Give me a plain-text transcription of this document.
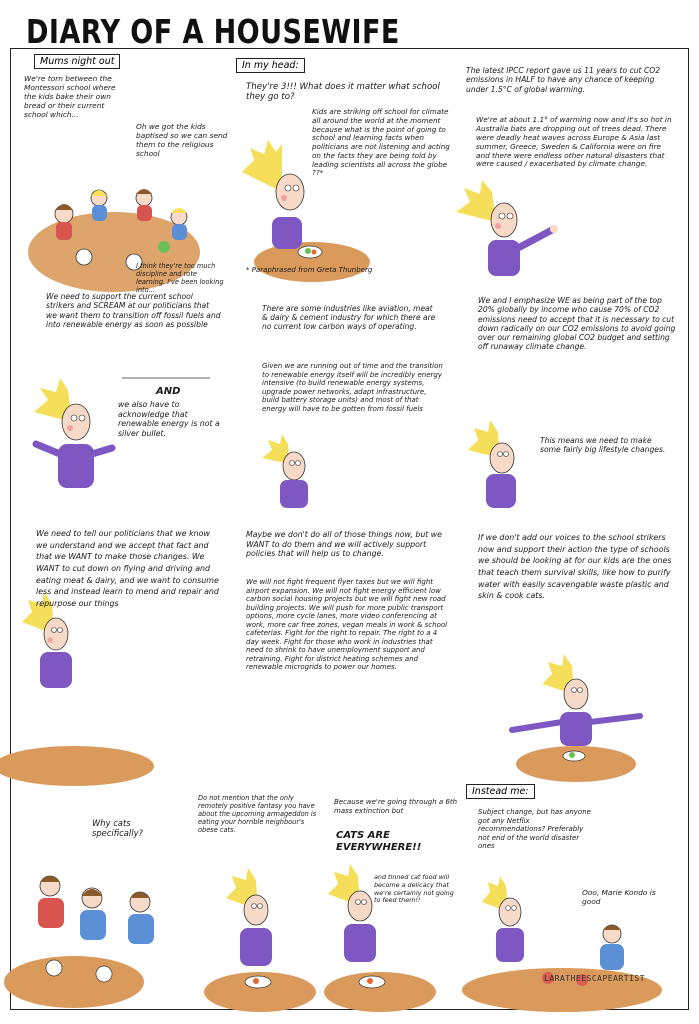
DIARY OF A HOUSEWIFE
Mums night out
We're torn between the Montessori school where the kids bake their own bread or their current school which...
Oh we got the kids baptised so we can send them to the religious school
I think they're too much discipline and rote learning. I've been looking into...
In my head:
They're 3!!! What does it matter what school they go to?
Kids are striking off school for climate all around the world at the moment because what is the point of going to school and learning facts when politicians are not listening and acting on the facts they are being told by leading scientists all across the globe ??*
* Paraphrased from Greta Thunberg
The latest IPCC report gave us 11 years to cut CO2 emissions in HALF to have any chance of keeping under 1.5°C of global warming.
We're at about 1.1° of warming now and it's so hot in Australia bats are dropping out of trees dead. There were deadly heat waves across Europe & Asia last summer, Greece, Sweden & California were on fire and there were endless other natural disasters that were caused / exacerbated by climate change.
We need to support the current school strikers and SCREAM at our politicians that we want them to transition off fossil fuels and into renewable energy as soon as possible
AND
we also have to acknowledge that renewable energy is not a silver bullet.
There are some industries like aviation, meat & dairy & cement industry for which there are no current low carbon ways of operating.
Given we are running out of time and the transition to renewable energy itself will be incredibly energy intensive (to build renewable energy systems, upgrade power networks, adapt infrastructure, build battery storage units) and most of that energy will have to be gotten from fossil fuels
We and I emphasize WE as being part of the top 20% globally by income who cause 70% of CO2 emissions need to accept that it is necessary to cut down radically on our CO2 emissions to avoid going over our remaining global CO2 budget and setting off runaway climate change.
This means we need to make some fairly big lifestyle changes.
We need to tell our politicians that we know we understand and we accept that fact and that we WANT to make those changes. We WANT to cut down on flying and driving and eating meat & dairy, and we want to consume less and instead learn to mend and repair and repurpose our things
Maybe we don't do all of those things now, but we WANT to do them and we will actively support policies that will help us to change.
We will not fight frequent flyer taxes but we will fight airport expansion. We will not fight energy efficient low carbon social housing projects but we will fight new road building projects. We will push for more public transport options, more cycle lanes, more video conferencing at work, more car free zones, vegan meals in work & school cafeterias. Fight for the right to repair. The right to a 4 day week. Fight for those who work in industries that need to shrink to have unemployment support and retraining. Fight for district heating schemes and renewable microgrids to power our homes.
If we don't add our voices to the school strikers now and support their action the type of schools we should be looking at for our kids are the ones that teach them survival skills, like how to purify water with easily scavengable waste plastic and skin & cook cats.
Why cats specifically?
Do not mention that the only remotely positive fantasy you have about the upcoming armageddon is eating your horrible neighbour's obese cats.
Because we're going through a 6th mass extinction but
CATS ARE EVERYWHERE!!
and tinned cat food will become a delicacy that we're certainly not going to feed them!!
Instead me:
Subject change, but has anyone got any Netflix recommendations? Preferably not end of the world disaster ones
Ooo, Marie Kondo is good
LARATHEESCAPEARTIST
